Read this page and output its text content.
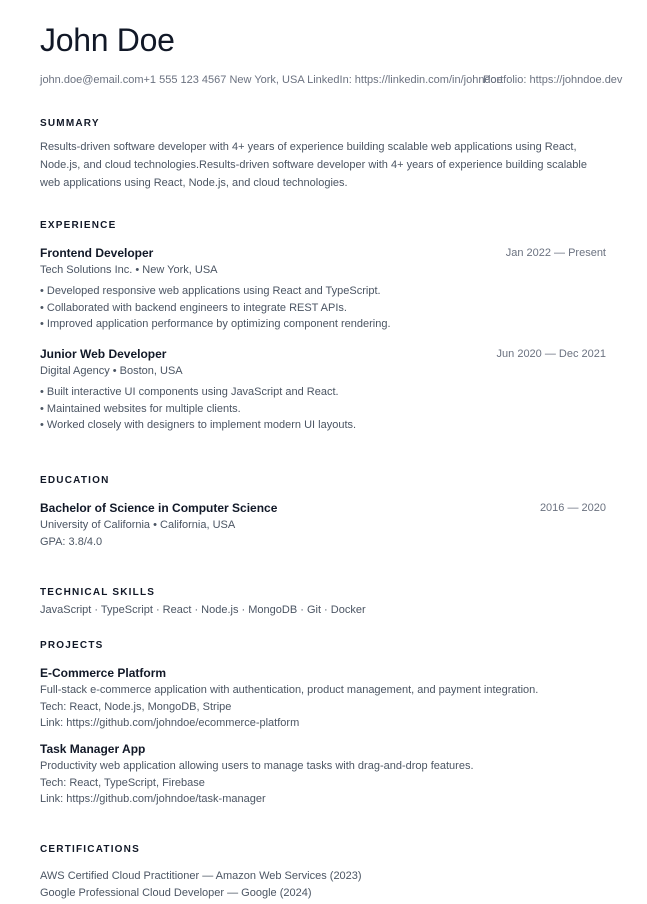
John Doe
john.doe@email.com+1 555 123 4567 New York, USA LinkedIn: https://linkedin.com/in/johndoe
Portfolio: https://johndoe.dev
SUMMARY
Results-driven software developer with 4+ years of experience building scalable web applications using React, Node.js, and cloud technologies.Results-driven software developer with 4+ years of experience building scalable web applications using React, Node.js, and cloud technologies.
EXPERIENCE
Frontend Developer	Jan 2022 — Present
Tech Solutions Inc. • New York, USA
• Developed responsive web applications using React and TypeScript.
• Collaborated with backend engineers to integrate REST APIs.
• Improved application performance by optimizing component rendering.
Junior Web Developer	Jun 2020 — Dec 2021
Digital Agency • Boston, USA
• Built interactive UI components using JavaScript and React.
• Maintained websites for multiple clients.
• Worked closely with designers to implement modern UI layouts.
EDUCATION
Bachelor of Science in Computer Science	2016 — 2020
University of California • California, USA
GPA: 3.8/4.0
TECHNICAL SKILLS
JavaScript · TypeScript · React · Node.js · MongoDB · Git · Docker
PROJECTS
E-Commerce Platform
Full-stack e-commerce application with authentication, product management, and payment integration.
Tech: React, Node.js, MongoDB, Stripe
Link: https://github.com/johndoe/ecommerce-platform
Task Manager App
Productivity web application allowing users to manage tasks with drag-and-drop features.
Tech: React, TypeScript, Firebase
Link: https://github.com/johndoe/task-manager
CERTIFICATIONS
AWS Certified Cloud Practitioner — Amazon Web Services (2023)
Google Professional Cloud Developer — Google (2024)
